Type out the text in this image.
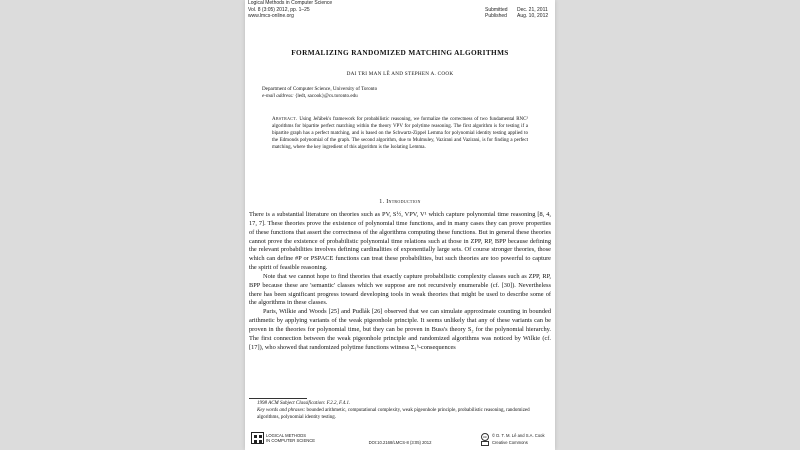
Logical Methods in Computer Science
Vol. 8 (3:05) 2012, pp. 1–25
www.lmcs-online.org
Submitted Dec. 21, 2011
Published Aug. 10, 2012
FORMALIZING RANDOMIZED MATCHING ALGORITHMS
DAI TRI MAN LÊ AND STEPHEN A. COOK
Department of Computer Science, University of Toronto
e-mail address: {ledt, sacook}@cs.toronto.edu
Abstract. Using Jeřábek's framework for probabilistic reasoning, we formalize the correctness of two fundamental RNC² algorithms for bipartite perfect matching within the theory VPV for polytime reasoning. The first algorithm is for testing if a bipartite graph has a perfect matching, and is based on the Schwartz-Zippel Lemma for polynomial identity testing applied to the Edmonds polynomial of the graph. The second algorithm, due to Mulmuley, Vazirani and Vazirani, is for finding a perfect matching, where the key ingredient of this algorithm is the Isolating Lemma.
1. Introduction

There is a substantial literature on theories such as PV, S½, VPV, V¹ which capture polynomial time reasoning [8, 4, 17, 7]. These theories prove the existence of polynomial time functions, and in many cases they can prove properties of these functions that assert the correctness of the algorithms computing these functions. But in general these theories cannot prove the existence of probabilistic polynomial time relations such at those in ZPP, RP, BPP because defining the relevant probabilities involves defining cardinalities of exponentially large sets. Of course stronger theories, those which can define #P or PSPACE functions can treat these probabilities, but such theories are too powerful to capture the spirit of feasible reasoning.

Note that we cannot hope to find theories that exactly capture probabilistic complexity classes such as ZPP, RP, BPP because these are 'semantic' classes which we suppose are not recursively enumerable (cf. [30]). Nevertheless there has been significant progress toward developing tools in weak theories that might be used to describe some of the algorithms in these classes.

Paris, Wilkie and Woods [25] and Pudlák [26] observed that we can simulate approximate counting in bounded arithmetic by applying variants of the weak pigeonhole principle. It seems unlikely that any of these variants can be proven in the theories for polynomial time, but they can be proven in Buss's theory S₂ for the polynomial hierarchy. The first connection between the weak pigeonhole principle and randomized algorithms was noticed by Wilkie (cf. [17]), who showed that randomized polytime functions witness Σ₁ᵇ-consequences

1998 ACM Subject Classification: F.2.2, F.4.1.
Key words and phrases: bounded arithmetic, computational complexity, weak pigeonhole principle, probabilistic reasoning, randomized algorithms, polynomial identity testing.
LOGICAL METHODS
IN COMPUTER SCIENCE	DOI:10.2168/LMCS-8 (3:05) 2012
cc	© D. T. M. Lê and S.A. Cook
Creative Commons
